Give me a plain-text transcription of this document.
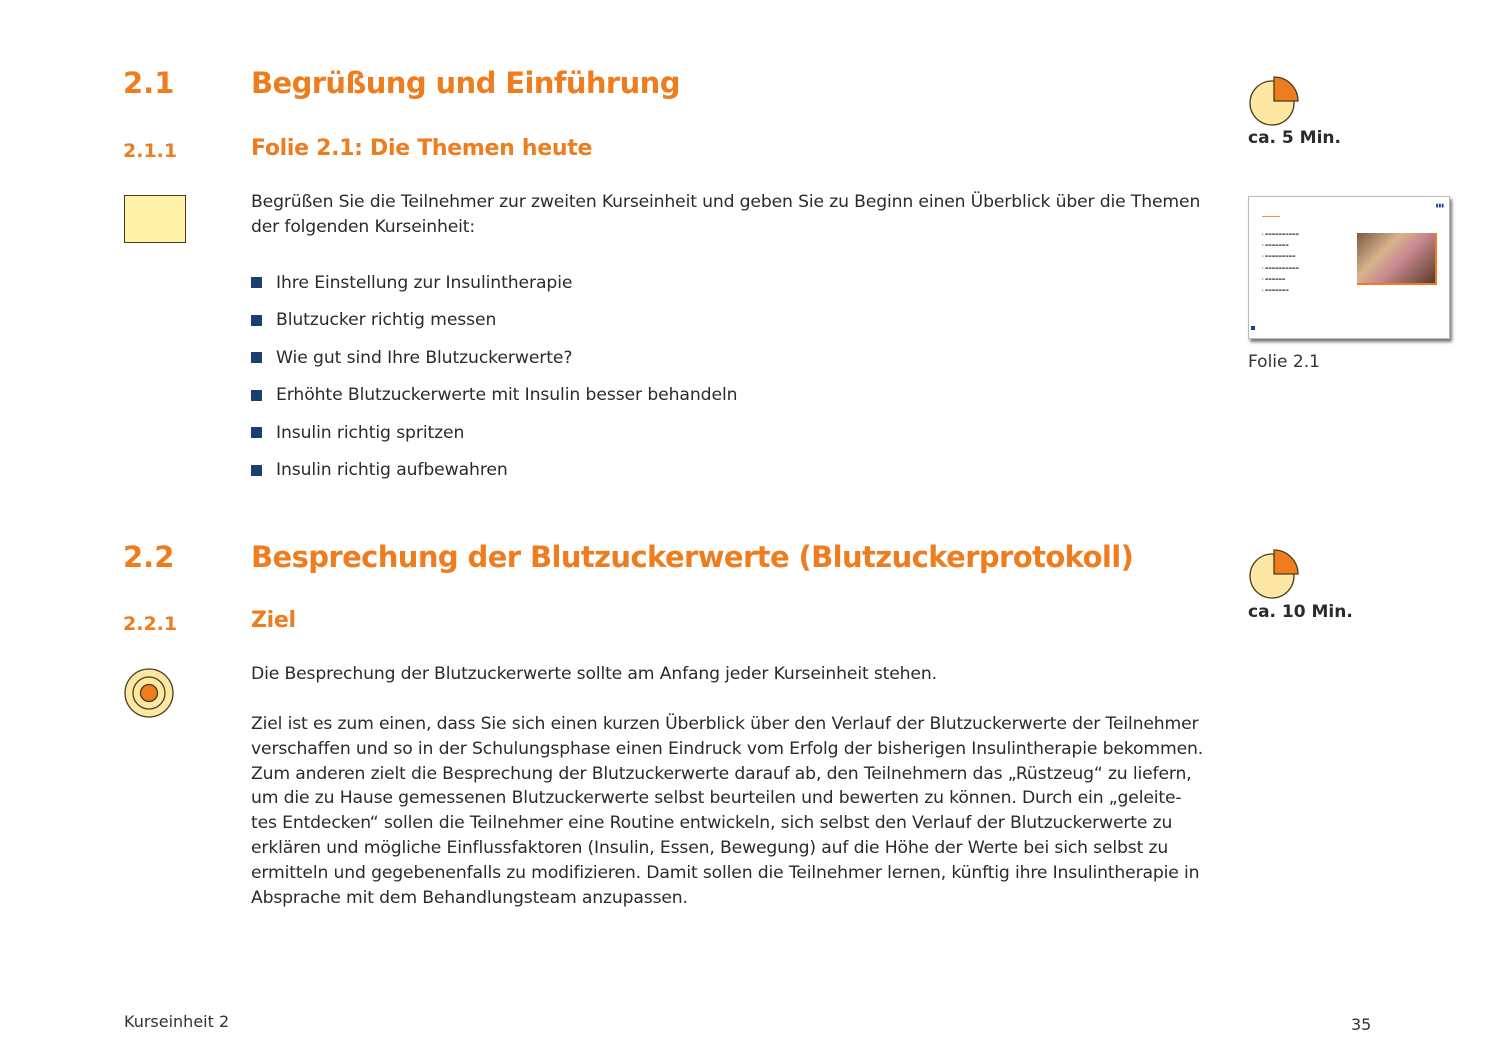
2.1	Begrüßung und Einführung
2.1.1	Folie 2.1: Die Themen heute	ca. 5 Min.
Begrüßen Sie die Teilnehmer zur zweiten Kurseinheit und geben Sie zu Beginn einen Überblick über die Themen der folgenden Kurseinheit:
Ihre Einstellung zur Insulintherapie
Blutzucker richtig messen
Wie gut sind Ihre Blutzuckerwerte?
Erhöhte Blutzuckerwerte mit Insulin besser behandeln
Insulin richtig spritzen
Insulin richtig aufbewahren
▮▮▮
━━━━━━
▸ ▬▬▬▬▬▬▬▬▬▬
▸ ▬▬▬▬▬▬▬
▸ ▬▬▬▬▬▬▬▬▬
▸ ▬▬▬▬▬▬▬▬▬▬
▸ ▬▬▬▬▬▬
▸ ▬▬▬▬▬▬▬
Folie 2.1
2.2	Besprechung der Blutzuckerwerte (Blutzuckerprotokoll)
2.2.1	Ziel	ca. 10 Min.
Die Besprechung der Blutzuckerwerte sollte am Anfang jeder Kurseinheit stehen.
Ziel ist es zum einen, dass Sie sich einen kurzen Überblick über den Verlauf der Blutzuckerwerte der Teilnehmer
verschaffen und so in der Schulungsphase einen Eindruck vom Erfolg der bisherigen Insulintherapie bekommen.
Zum anderen zielt die Besprechung der Blutzuckerwerte darauf ab, den Teilnehmern das „Rüstzeug“ zu liefern,
um die zu Hause gemessenen Blutzuckerwerte selbst beurteilen und bewerten zu können. Durch ein „geleite-
tes Entdecken“ sollen die Teilnehmer eine Routine entwickeln, sich selbst den Verlauf der Blutzuckerwerte zu
erklären und mögliche Einflussfaktoren (Insulin, Essen, Bewegung) auf die Höhe der Werte bei sich selbst zu
ermitteln und gegebenenfalls zu modifizieren. Damit sollen die Teilnehmer lernen, künftig ihre Insulintherapie in
Absprache mit dem Behandlungsteam anzupassen.
Kurseinheit 2	35
